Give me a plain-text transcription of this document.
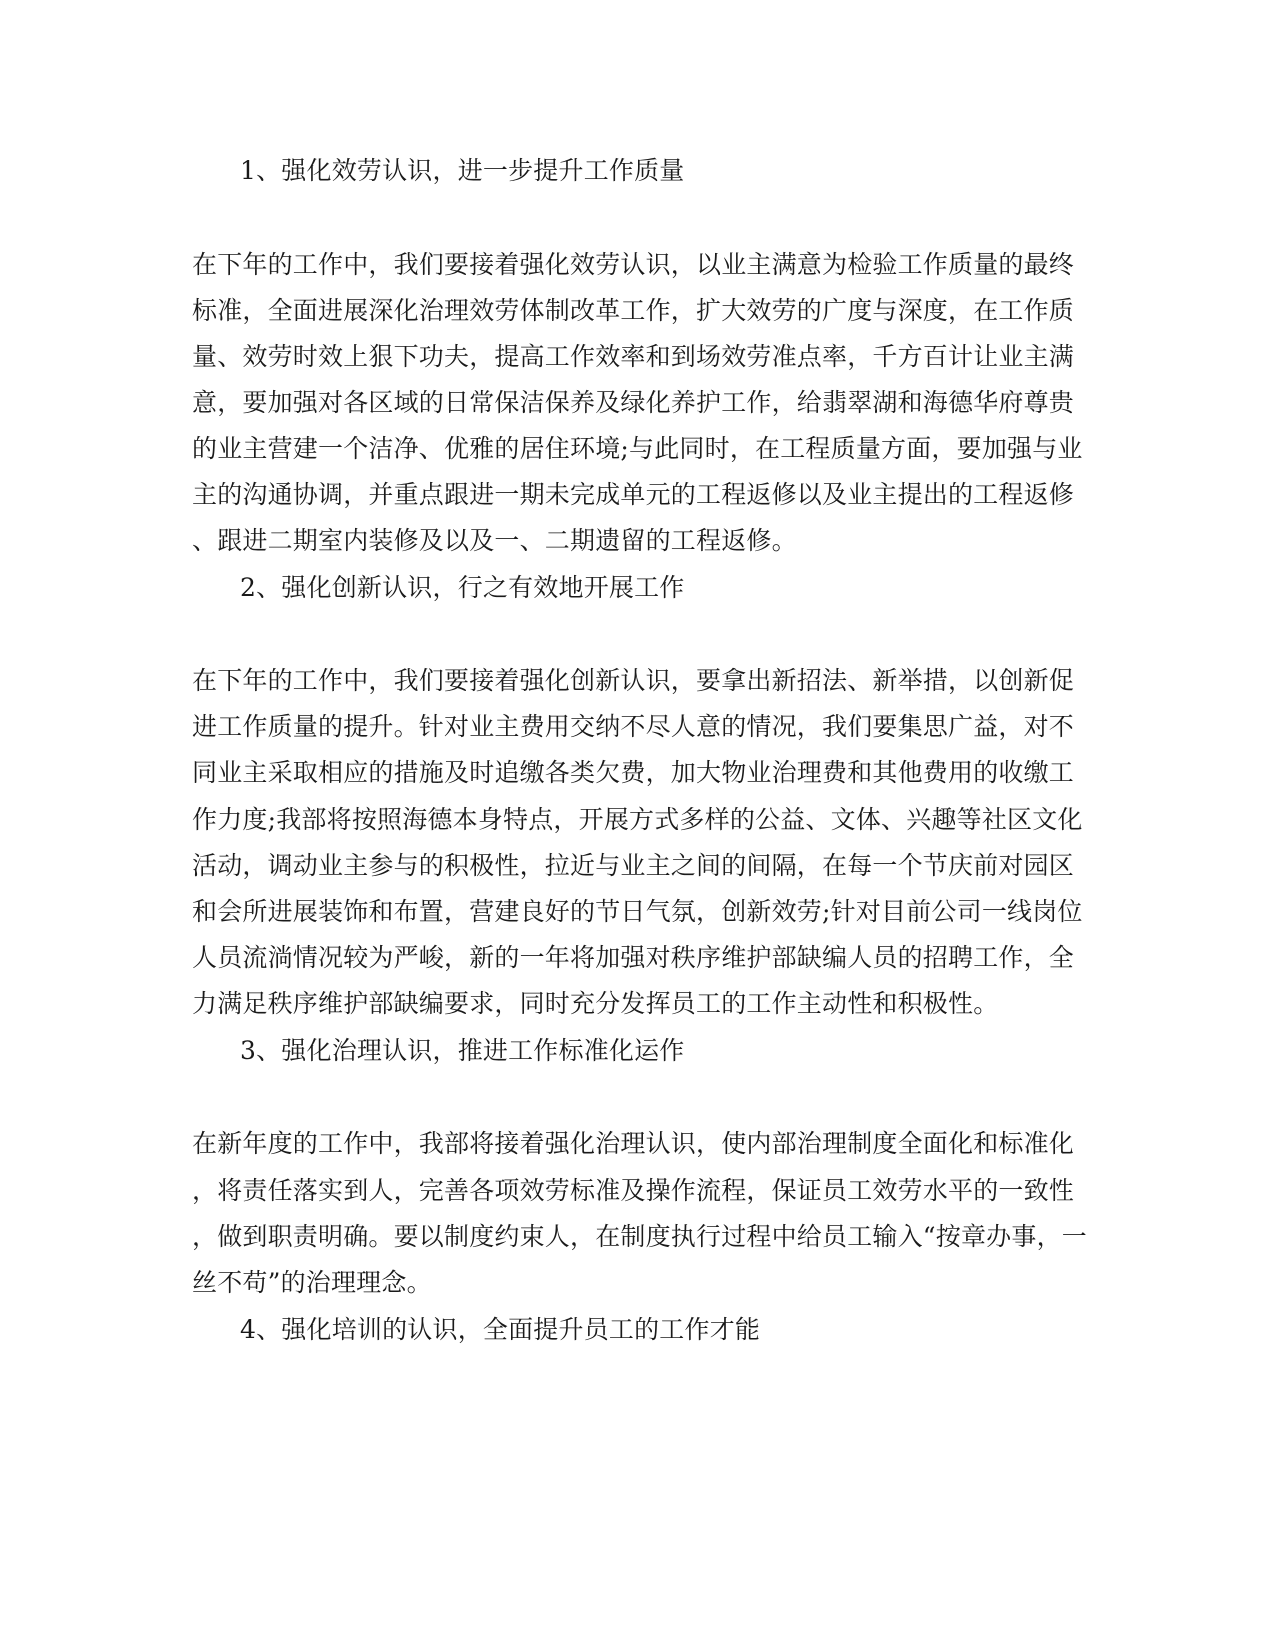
1、强化效劳认识，进一步提升工作质量
在下年的工作中，我们要接着强化效劳认识，以业主满意为检验工作质量的最终
标准，全面进展深化治理效劳体制改革工作，扩大效劳的广度与深度，在工作质
量、效劳时效上狠下功夫，提高工作效率和到场效劳准点率，千方百计让业主满
意，要加强对各区域的日常保洁保养及绿化养护工作，给翡翠湖和海德华府尊贵
的业主营建一个洁净、优雅的居住环境;与此同时，在工程质量方面，要加强与业
主的沟通协调，并重点跟进一期未完成单元的工程返修以及业主提出的工程返修
、跟进二期室内装修及以及一、二期遗留的工程返修。
2、强化创新认识，行之有效地开展工作
在下年的工作中，我们要接着强化创新认识，要拿出新招法、新举措，以创新促
进工作质量的提升。针对业主费用交纳不尽人意的情况，我们要集思广益，对不
同业主采取相应的措施及时追缴各类欠费，加大物业治理费和其他费用的收缴工
作力度;我部将按照海德本身特点，开展方式多样的公益、文体、兴趣等社区文化
活动，调动业主参与的积极性，拉近与业主之间的间隔，在每一个节庆前对园区
和会所进展装饰和布置，营建良好的节日气氛，创新效劳;针对目前公司一线岗位
人员流淌情况较为严峻，新的一年将加强对秩序维护部缺编人员的招聘工作，全
力满足秩序维护部缺编要求，同时充分发挥员工的工作主动性和积极性。
3、强化治理认识，推进工作标准化运作
在新年度的工作中，我部将接着强化治理认识，使内部治理制度全面化和标准化
，将责任落实到人，完善各项效劳标准及操作流程，保证员工效劳水平的一致性
，做到职责明确。要以制度约束人，在制度执行过程中给员工输入“按章办事，一
丝不苟”的治理理念。
4、强化培训的认识，全面提升员工的工作才能
